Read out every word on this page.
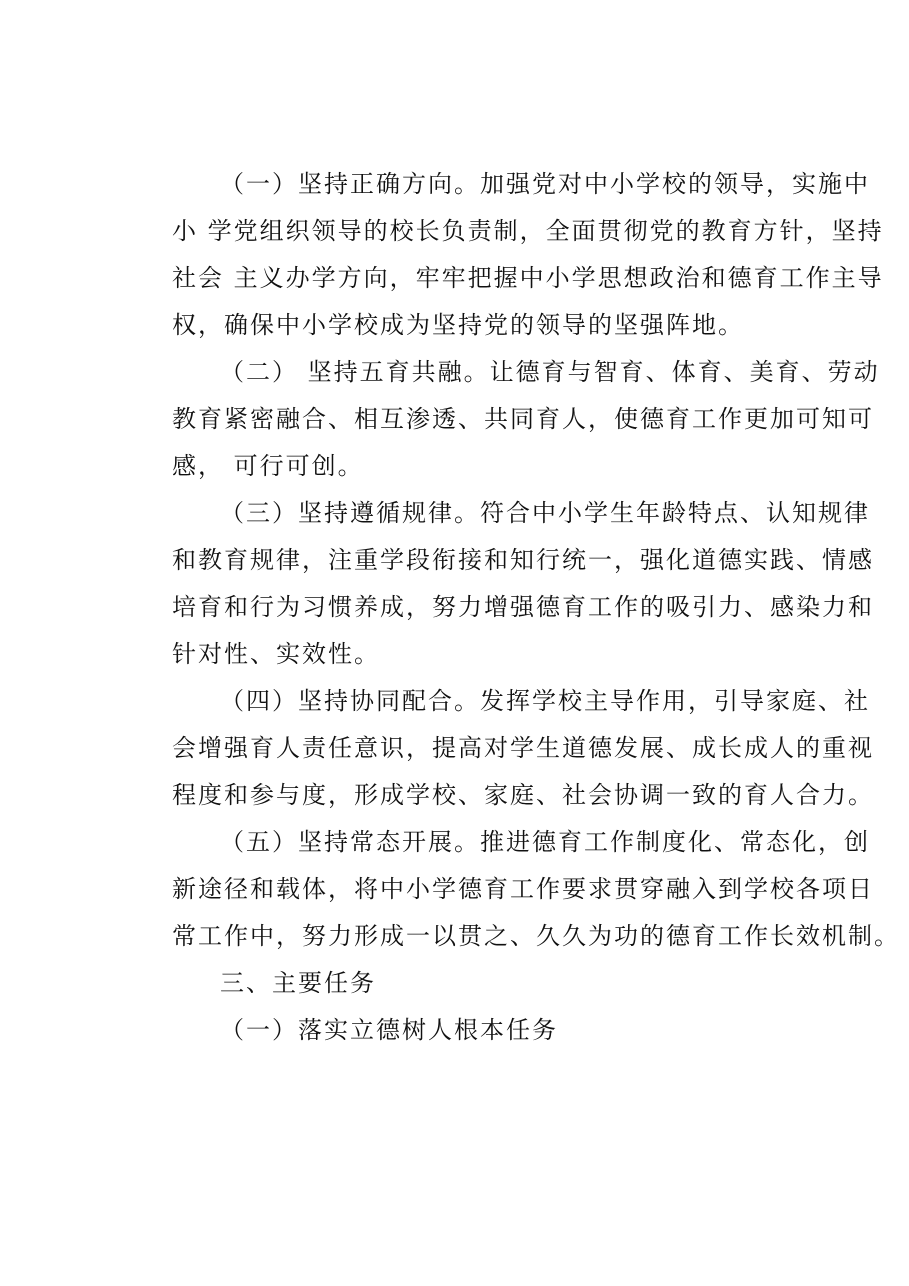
（一）坚持正确方向。加强党对中小学校的领导，实施中
小 学党组织领导的校长负责制，全面贯彻党的教育方针，坚持
社会 主义办学方向，牢牢把握中小学思想政治和德育工作主导
权，确保中小学校成为坚持党的领导的坚强阵地。
（二） 坚持五育共融。让德育与智育、体育、美育、劳动
教育紧密融合、相互渗透、共同育人，使德育工作更加可知可
感， 可行可创。
（三）坚持遵循规律。符合中小学生年龄特点、认知规律
和教育规律，注重学段衔接和知行统一，强化道德实践、情感
培育和行为习惯养成，努力增强德育工作的吸引力、感染力和
针对性、实效性。
（四）坚持协同配合。发挥学校主导作用，引导家庭、社
会增强育人责任意识，提高对学生道德发展、成长成人的重视
程度和参与度，形成学校、家庭、社会协调一致的育人合力。
（五）坚持常态开展。推进德育工作制度化、常态化，创
新途径和载体，将中小学德育工作要求贯穿融入到学校各项日
常工作中，努力形成一以贯之、久久为功的德育工作长效机制。
三、主要任务
（一）落实立德树人根本任务
